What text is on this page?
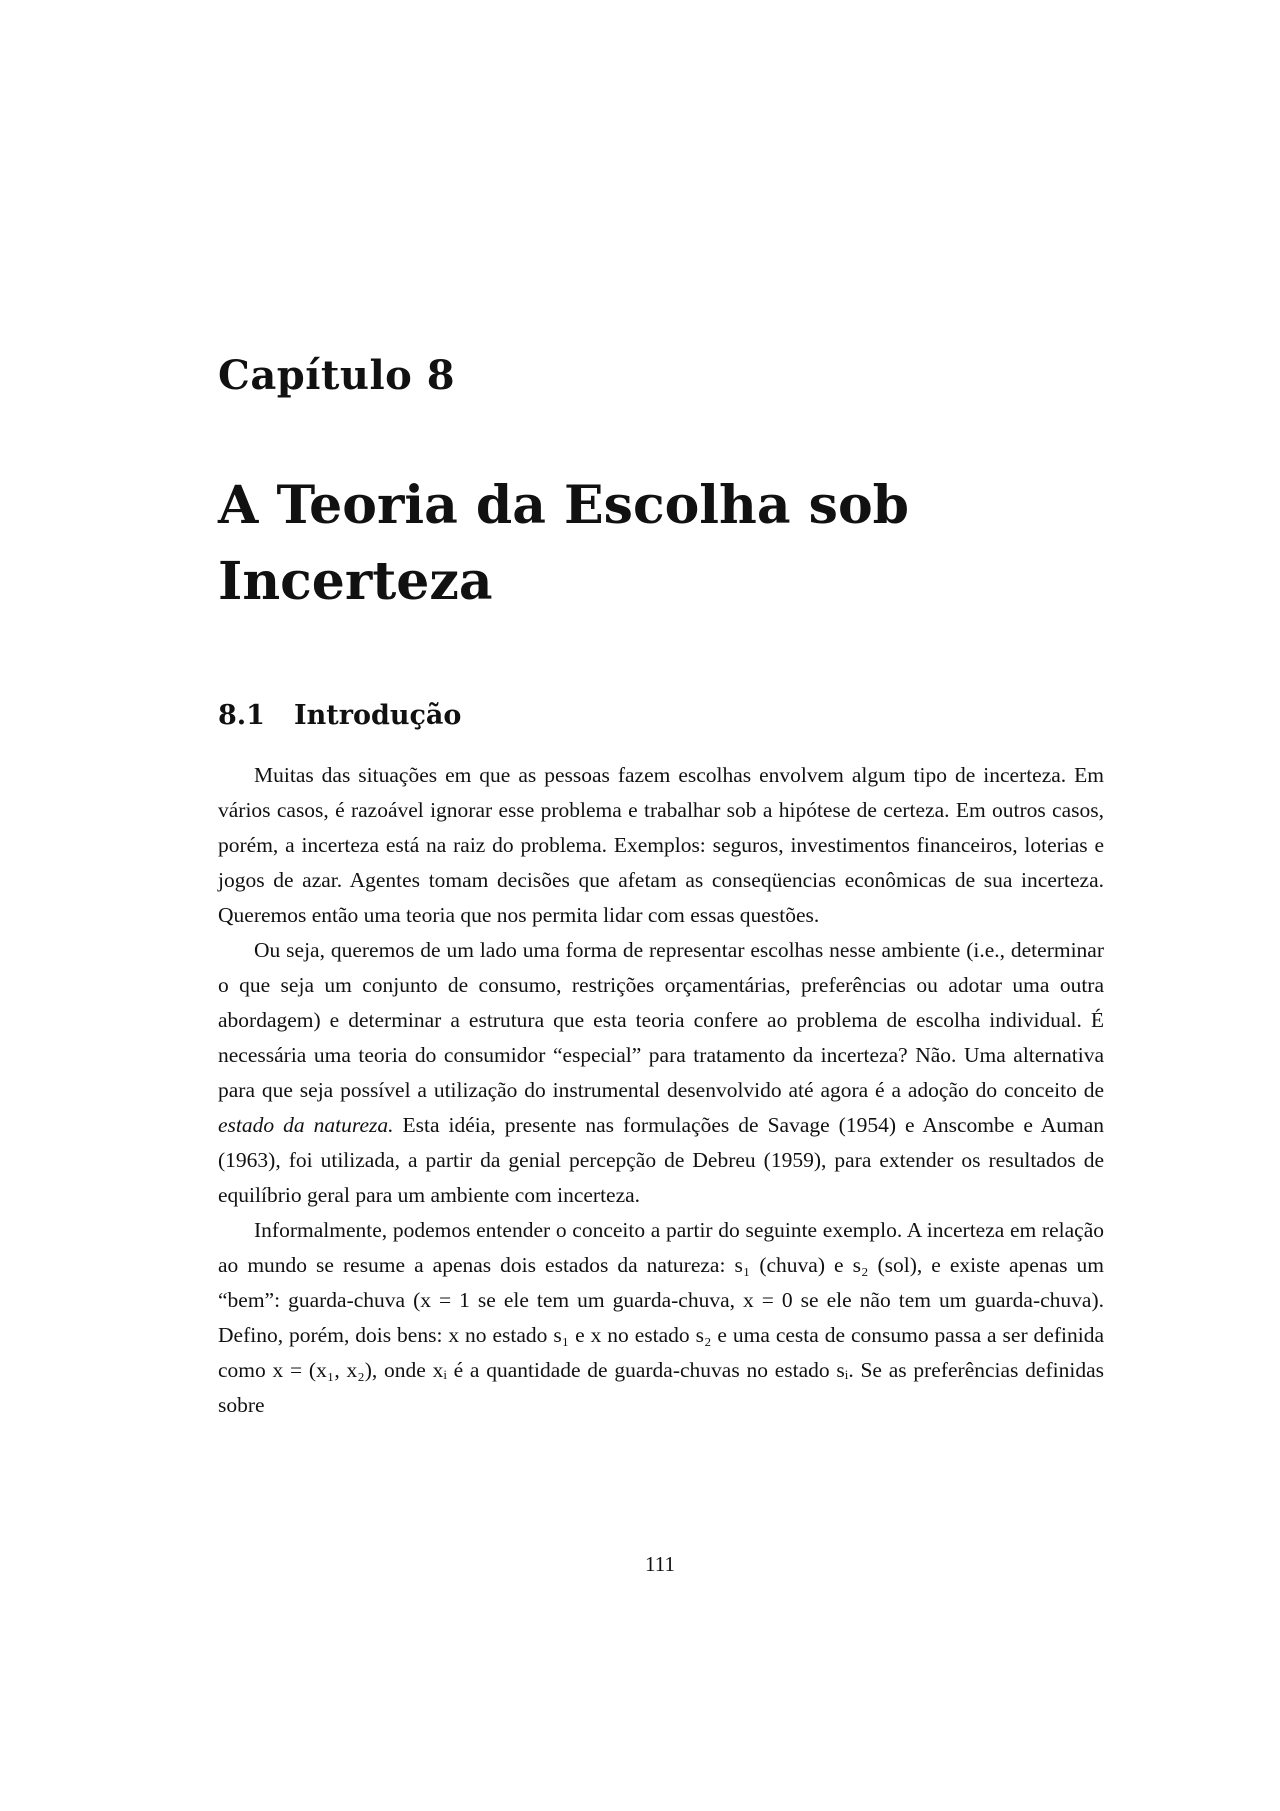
Capítulo 8
A Teoria da Escolha sob
Incerteza
8.1	Introdução

Muitas das situações em que as pessoas fazem escolhas envolvem algum tipo de incerteza. Em vários casos, é razoável ignorar esse problema e trabalhar sob a hipótese de certeza. Em outros casos, porém, a incerteza está na raiz do problema. Exemplos: seguros, investimentos financeiros, loterias e jogos de azar. Agentes tomam decisões que afetam as conseqüencias econômicas de sua incerteza. Queremos então uma teoria que nos permita lidar com essas questões.

Ou seja, queremos de um lado uma forma de representar escolhas nesse ambiente (i.e., determinar o que seja um conjunto de consumo, restrições orçamentárias, preferências ou adotar uma outra abordagem) e determinar a estrutura que esta teoria confere ao problema de escolha individual. É necessária uma teoria do consumidor “especial” para tratamento da incerteza? Não. Uma alternativa para que seja possível a utilização do instrumental desenvolvido até agora é a adoção do conceito de estado da natureza. Esta idéia, presente nas formulações de Savage (1954) e Anscombe e Auman (1963), foi utilizada, a partir da genial percepção de Debreu (1959), para extender os resultados de equilíbrio geral para um ambiente com incerteza.

Informalmente, podemos entender o conceito a partir do seguinte exemplo. A incerteza em relação ao mundo se resume a apenas dois estados da natureza: s₁ (chuva) e s₂ (sol), e existe apenas um “bem”: guarda-chuva (x = 1 se ele tem um guarda-chuva, x = 0 se ele não tem um guarda-chuva). Defino, porém, dois bens: x no estado s₁ e x no estado s₂ e uma cesta de consumo passa a ser definida como x = (x₁, x₂), onde xᵢ é a quantidade de guarda-chuvas no estado sᵢ. Se as preferências definidas sobre

111
